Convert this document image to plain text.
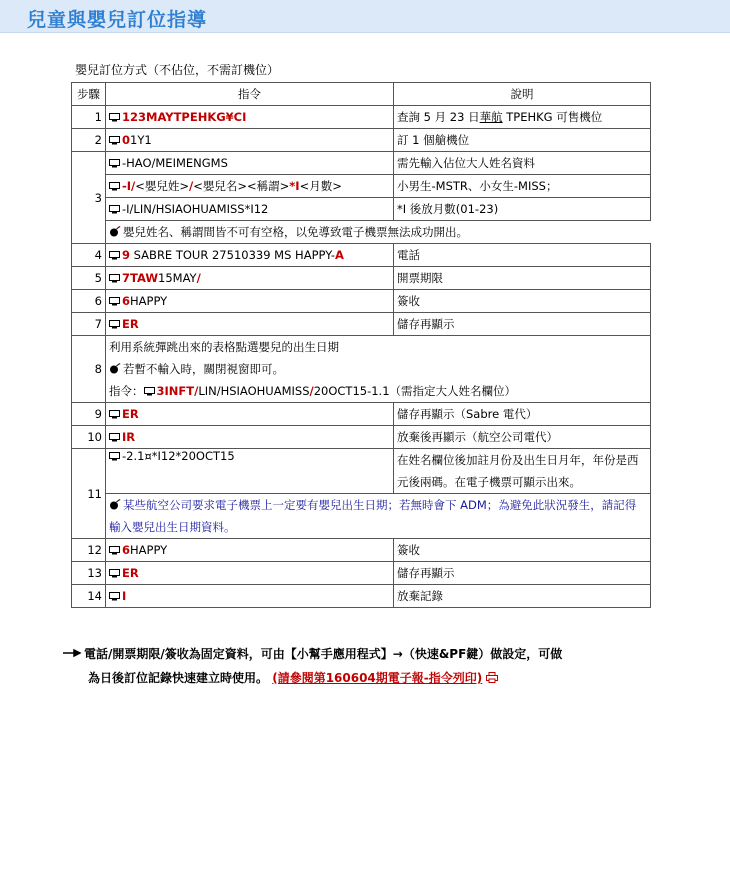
兒童與嬰兒訂位指導
嬰兒訂位方式（不佔位，不需訂機位）
步驟	指令	說明
1	123MAYTPEHKG¥CI	查詢 5 月 23 日華航 TPEHKG 可售機位
2	01Y1	訂 1 個艙機位
3	-HAO/MEIMENGMS	需先輸入佔位大人姓名資料
	-I/<嬰兒姓>/<嬰兒名><稱謂>*I<月數>	小男生-MSTR、小女生-MISS；
	-I/LIN/HSIAOHUAMISS*I12	*I 後放月數(01-23)
	嬰兒姓名、稱謂間皆不可有空格，以免導致電子機票無法成功開出。	
4	9 SABRE TOUR 27510339 MS HAPPY-A	電話
5	7TAW15MAY/	開票期限
6	6HAPPY	簽收
7	ER	儲存再顯示
8	利用系統彈跳出來的表格點選嬰兒的出生日期	
	若暫不輸入時，關閉視窗即可。	
	指令： 3INFT/LIN/HSIAOHUAMISS/20OCT15-1.1（需指定大人姓名欄位）	
9	ER	儲存再顯示（Sabre 電代）
10	IR	放棄後再顯示（航空公司電代）
11	-2.1¤*I12*20OCT15	在姓名欄位後加註月份及出生日月年，年份是西元後兩碼。在電子機票可顯示出來。
	某些航空公司要求電子機票上一定要有嬰兒出生日期；若無時會下 ADM；為避免此狀況發生，請記得輸入嬰兒出生日期資料。	
12	6HAPPY	簽收
13	ER	儲存再顯示
14	I	放棄記錄
電話/開票期限/簽收為固定資料，可由【小幫手應用程式】→（快速&PF鍵）做設定，可做
為日後訂位記錄快速建立時使用。 (請參閱第160604期電子報-指令列印)
